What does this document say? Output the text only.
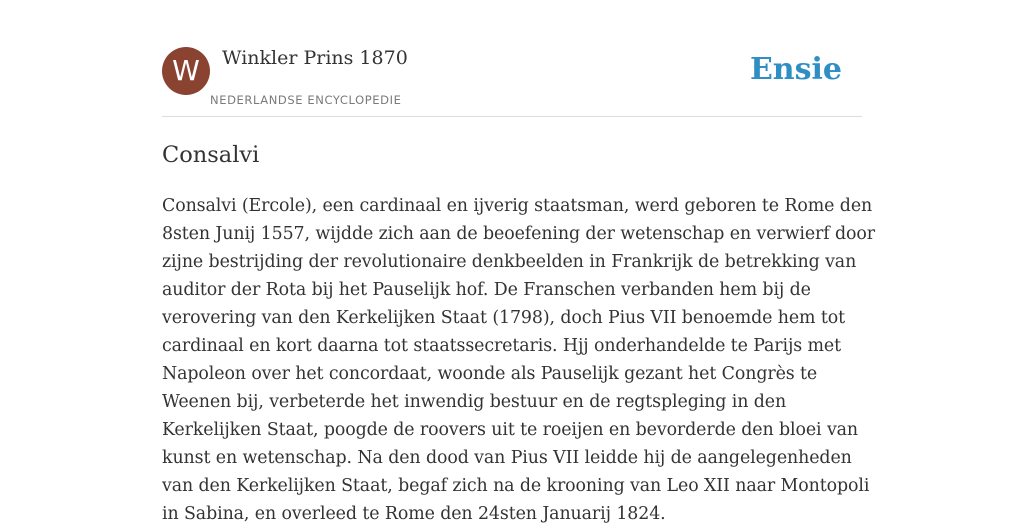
W	Winkler Prins 1870
NEDERLANDSE ENCYCLOPEDIE
Ensie
Consalvi
Consalvi (Ercole), een cardinaal en ijverig staatsman, werd geboren te Rome den
8sten Junij 1557, wijdde zich aan de beoefening der wetenschap en verwierf door
zijne bestrijding der revolutionaire denkbeelden in Frankrijk de betrekking van
auditor der Rota bij het Pauselijk hof. De Franschen verbanden hem bij de
verovering van den Kerkelijken Staat (1798), doch Pius VII benoemde hem tot
cardinaal en kort daarna tot staatssecretaris. Hjj onderhandelde te Parijs met
Napoleon over het concordaat, woonde als Pauselijk gezant het Congrès te
Weenen bij, verbeterde het inwendig bestuur en de regtspleging in den
Kerkelijken Staat, poogde de roovers uit te roeijen en bevorderde den bloei van
kunst en wetenschap. Na den dood van Pius VII leidde hij de aangelegenheden
van den Kerkelijken Staat, begaf zich na de krooning van Leo XII naar Montopoli
in Sabina, en overleed te Rome den 24sten Januarij 1824.
